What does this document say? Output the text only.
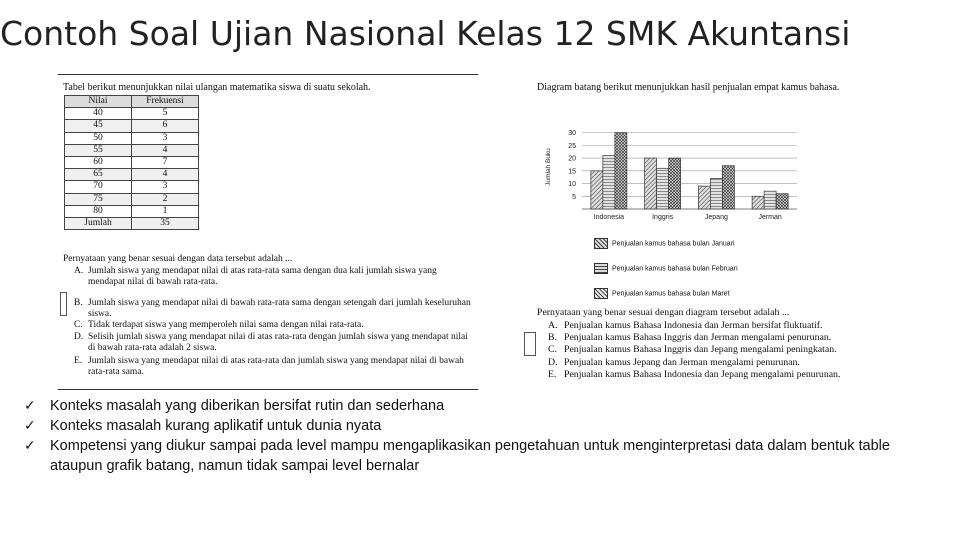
Contoh Soal Ujian Nasional Kelas 12 SMK Akuntansi
Tabel berikut menunjukkan nilai ulangan matematika siswa di suatu sekolah.
Nilai	Frekuensi
40	5
45	6
50	3
55	4
60	7
65	4
70	3
75	2
80	1
Jumlah	35
Pernyataan yang benar sesuai dengan data tersebut adalah ...
A. Jumlah siswa yang mendapat nilai di atas rata-rata sama dengan dua kali jumlah siswa yang mendapat nilai di bawah rata-rata.
B. Jumlah siswa yang mendapat nilai di bawah rata-rata sama dengan setengah dari jumlah keseluruhan siswa.
C. Tidak terdapat siswa yang memperoleh nilai sama dengan nilai rata-rata.
D. Selisih jumlah siswa yang mendapat nilai di atas rata-rata dengan jumlah siswa yang mendapat nilai di bawah rata-rata adalah 2 siswa.
E. Jumlah siswa yang mendapat nilai di atas rata-rata dan jumlah siswa yang mendapat nilai di bawah rata-rata sama.
Diagram batang berikut menunjukkan hasil penjualan empat kamus bahasa.
5
10
15
20
25
30
Jumlah Buku
Indonesia	Inggris	Jepang	Jerman
Penjualan kamus bahasa bulan Januari
Penjualan kamus bahasa bulan Februari
Penjualan kamus bahasa bulan Maret
Pernyataan yang benar sesuai dengan diagram tersebut adalah ...
A. Penjualan kamus Bahasa Indonesia dan Jerman bersifat fluktuatif.
B. Penjualan kamus Bahasa Inggris dan Jerman mengalami penurunan.
C. Penjualan kamus Bahasa Inggris dan Jepang mengalami peningkatan.
D. Penjualan kamus Jepang dan Jerman mengalami penurunan.
E. Penjualan kamus Bahasa Indonesia dan Jepang mengalami penurunan.
✓ Konteks masalah yang diberikan bersifat rutin dan sederhana
✓ Konteks masalah kurang aplikatif untuk dunia nyata
✓ Kompetensi yang diukur sampai pada level mampu mengaplikasikan pengetahuan untuk menginterpretasi data dalam bentuk table ataupun grafik batang, namun tidak sampai level bernalar
